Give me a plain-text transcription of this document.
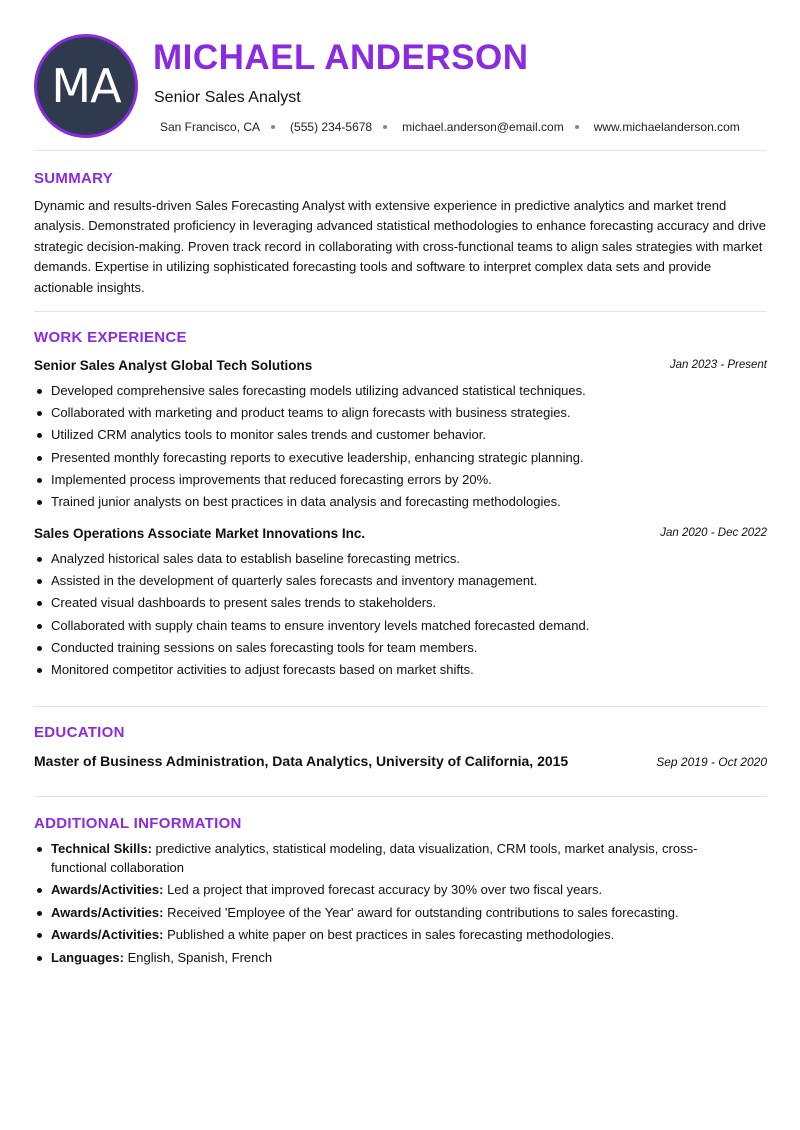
MA
MICHAEL ANDERSON
Senior Sales Analyst
San Francisco, CA	(555) 234-5678	michael.anderson@email.com	www.michaelanderson.com
SUMMARY
Dynamic and results-driven Sales Forecasting Analyst with extensive experience in predictive analytics and market trend analysis. Demonstrated proficiency in leveraging advanced statistical methodologies to enhance forecasting accuracy and drive strategic decision-making. Proven track record in collaborating with cross-functional teams to align sales strategies with market demands. Expertise in utilizing sophisticated forecasting tools and software to interpret complex data sets and provide actionable insights.
WORK EXPERIENCE
Senior Sales Analyst Global Tech Solutions	Jan 2023 - Present
Developed comprehensive sales forecasting models utilizing advanced statistical techniques.
Collaborated with marketing and product teams to align forecasts with business strategies.
Utilized CRM analytics tools to monitor sales trends and customer behavior.
Presented monthly forecasting reports to executive leadership, enhancing strategic planning.
Implemented process improvements that reduced forecasting errors by 20%.
Trained junior analysts on best practices in data analysis and forecasting methodologies.
Sales Operations Associate Market Innovations Inc.	Jan 2020 - Dec 2022
Analyzed historical sales data to establish baseline forecasting metrics.
Assisted in the development of quarterly sales forecasts and inventory management.
Created visual dashboards to present sales trends to stakeholders.
Collaborated with supply chain teams to ensure inventory levels matched forecasted demand.
Conducted training sessions on sales forecasting tools for team members.
Monitored competitor activities to adjust forecasts based on market shifts.
EDUCATION
Master of Business Administration, Data Analytics, University of California, 2015	Sep 2019 - Oct 2020
ADDITIONAL INFORMATION
Technical Skills: predictive analytics, statistical modeling, data visualization, CRM tools, market analysis, cross-functional collaboration
Awards/Activities: Led a project that improved forecast accuracy by 30% over two fiscal years.
Awards/Activities: Received 'Employee of the Year' award for outstanding contributions to sales forecasting.
Awards/Activities: Published a white paper on best practices in sales forecasting methodologies.
Languages: English, Spanish, French
